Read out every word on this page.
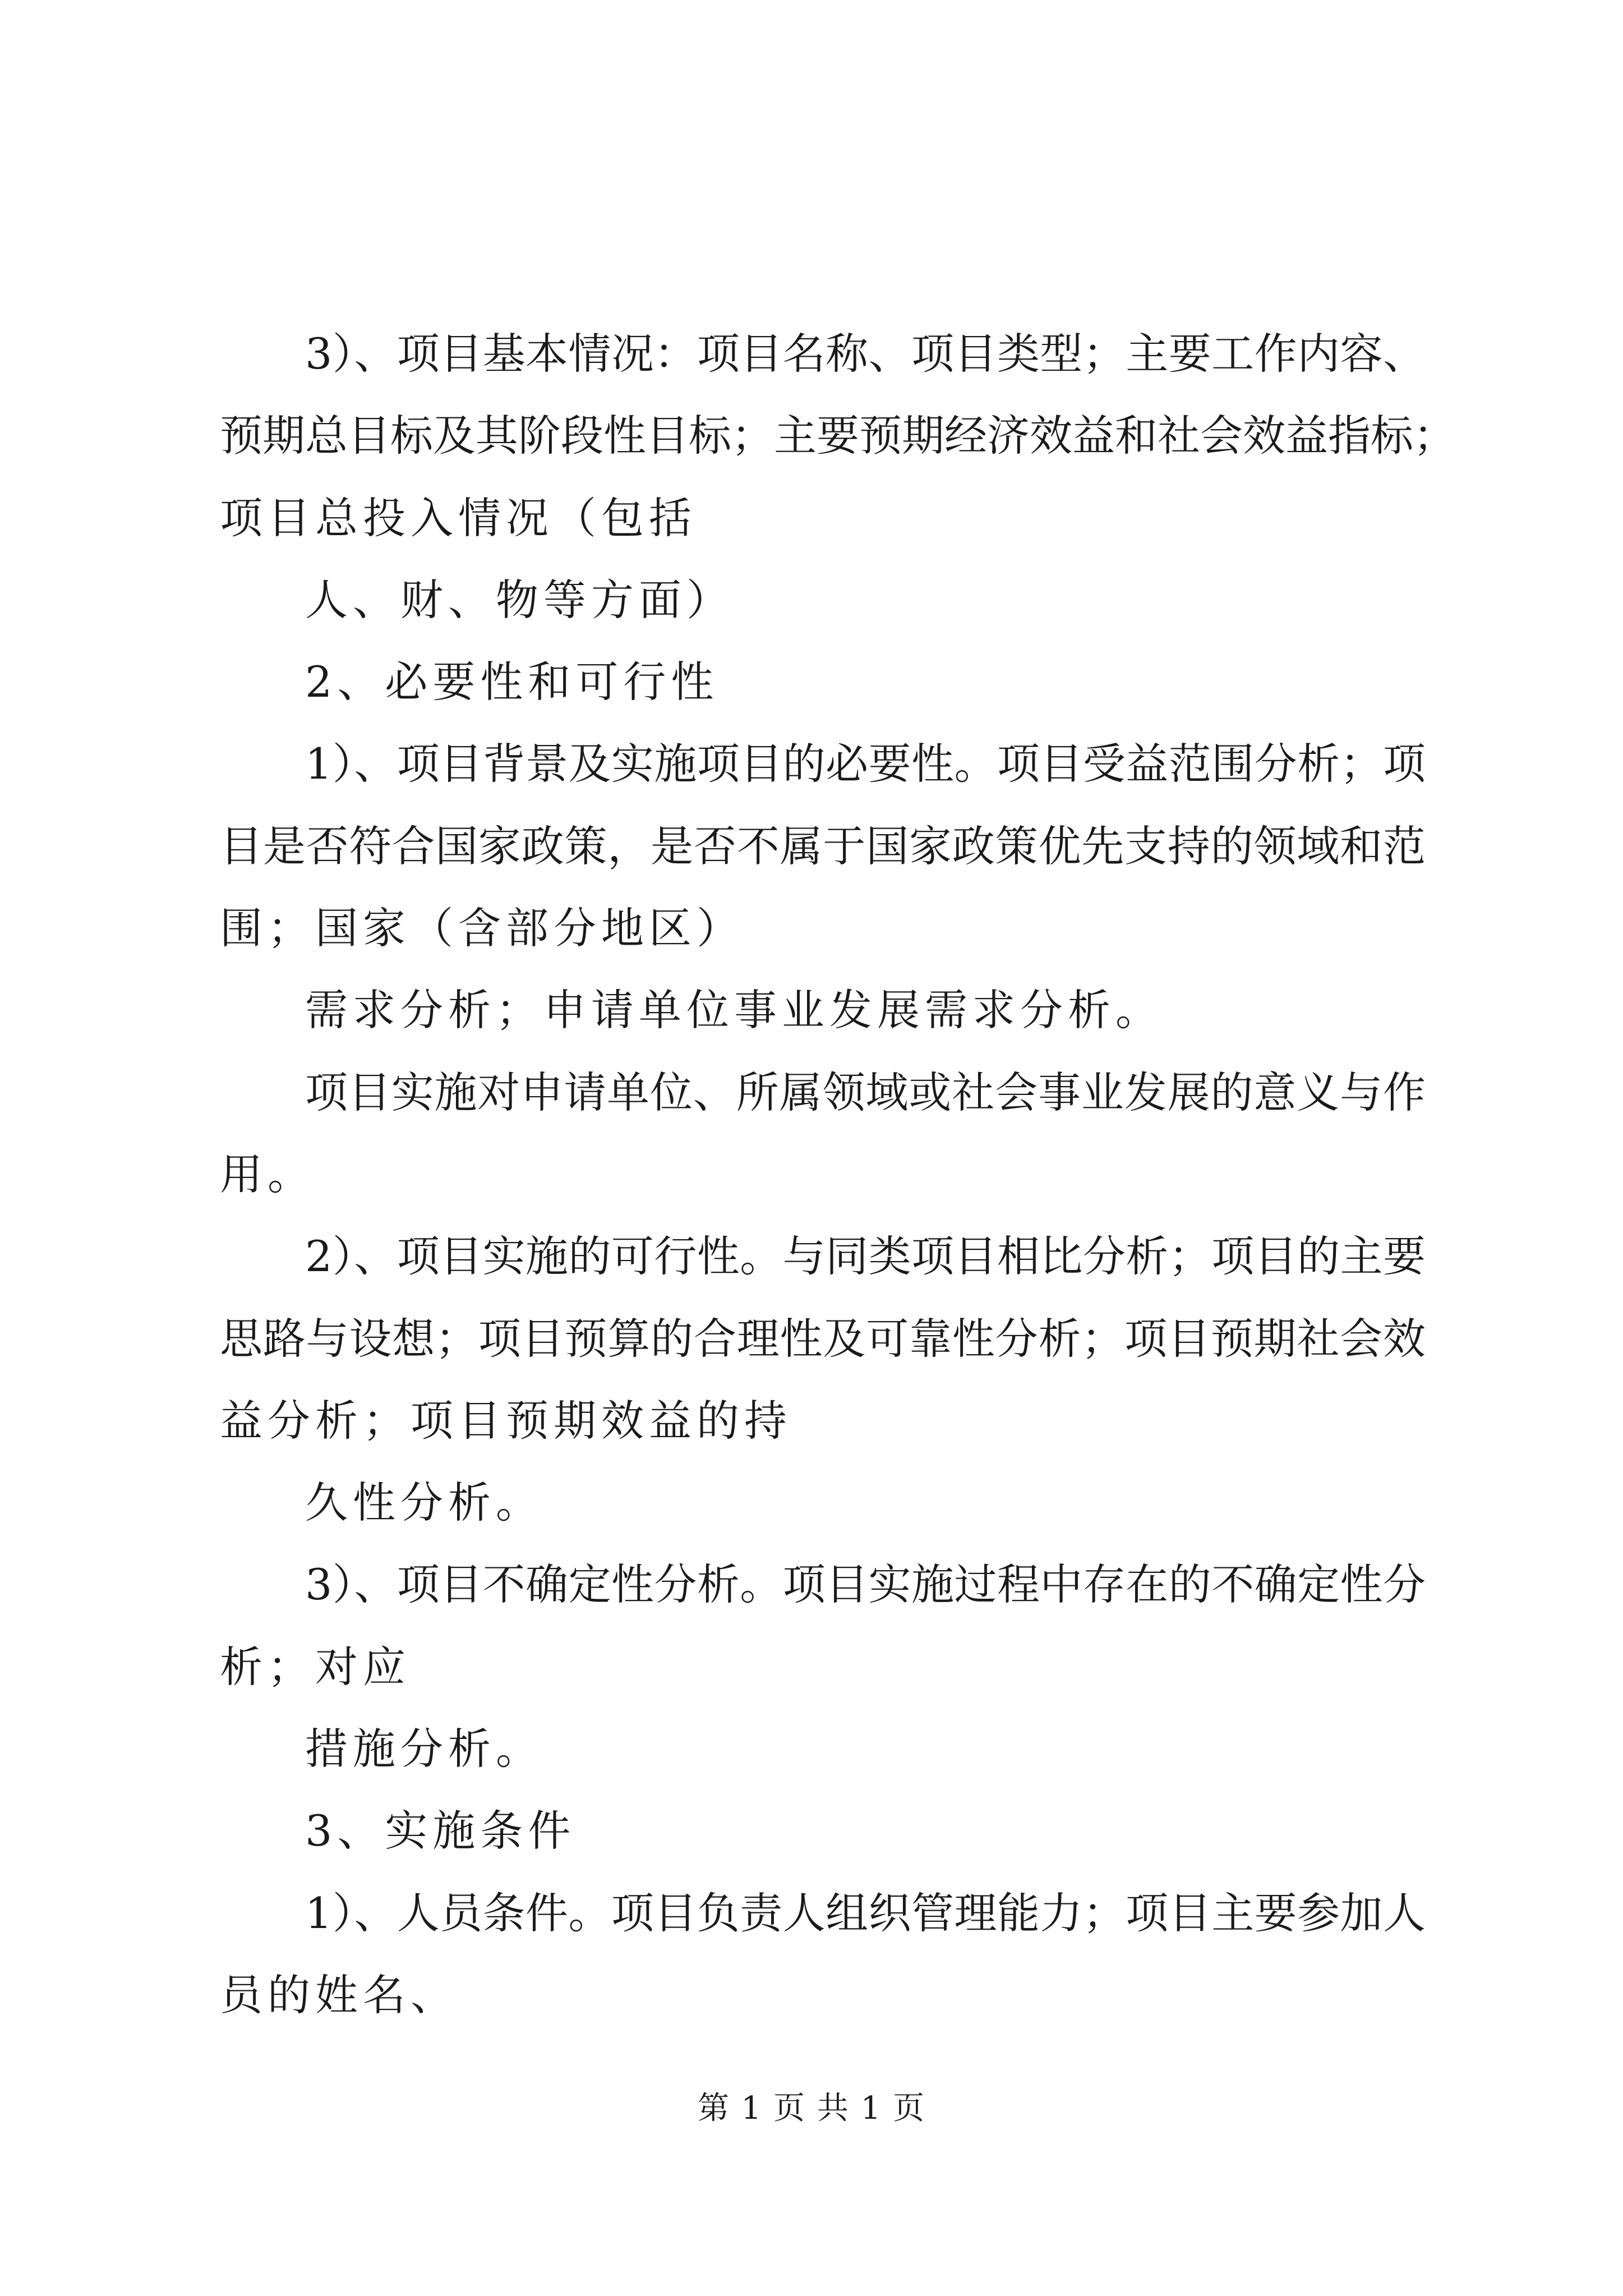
3）、项目基本情况：项目名称、项目类型；主要工作内容、
预期总目标及其阶段性目标；主要预期经济效益和社会效益指标；
项目总投入情况（包括
人、财、物等方面）
2、必要性和可行性
1）、项目背景及实施项目的必要性。项目受益范围分析；项
目是否符合国家政策，是否不属于国家政策优先支持的领域和范
围；国家（含部分地区）
需求分析；申请单位事业发展需求分析。
项目实施对申请单位、所属领域或社会事业发展的意义与作
用。
2）、项目实施的可行性。与同类项目相比分析；项目的主要
思路与设想；项目预算的合理性及可靠性分析；项目预期社会效
益分析；项目预期效益的持
久性分析。
3）、项目不确定性分析。项目实施过程中存在的不确定性分
析；对应
措施分析。
3、实施条件
1）、人员条件。项目负责人组织管理能力；项目主要参加人
员的姓名、
第 1 页 共 1 页
